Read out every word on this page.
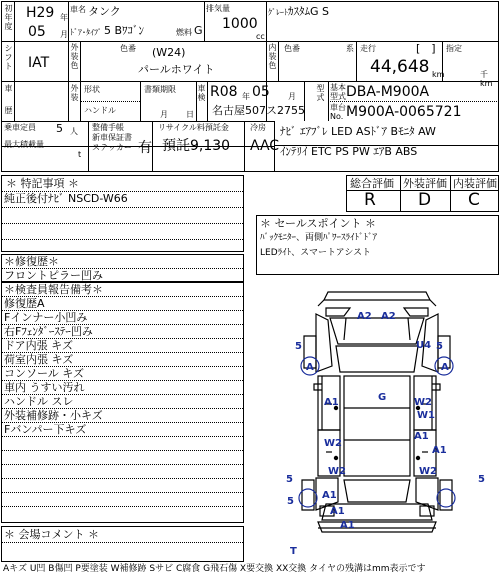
初年度
H29 年
05 月
車名 タンク
ﾄﾞｱ･ﾀｲﾌﾟ 5 Bﾜｺﾞﾝ	燃料 G
排気量
1000
cc
ｸﾞﾚｰﾄﾞ
ｶｽﾀﾑG S
シフト IAT
外装色
色番 (W24)
パールホワイト
内装色
色番	系 走行	[　]
44,648 km
指定
千km
車
歴
外装
形状
ハンドル
書類期限
月 日
車検 R08 年 05 月
名古屋507ス2755
型式
基本型式 DBA-M900A
車台No. M900A-0065721
乗車定員 5 人
最大積載量
t
整備手帳
新車保証書
ステッカー 有
リサイクル料預託金
預託9,130
冷房
AAC
ﾅﾋﾞ ｴｱﾌﾞﾚ LED ASﾄﾞｱ Bﾓﾆﾀ AW
ｲﾝﾃﾘｲ ETC PS PW ｴｱB ABS
＊ 特記事項 ＊
純正後付ﾅﾋﾞ NSCD-W66
総合評価 外装評価 内装評価
R D C
＊ セールスポイント ＊
ﾊﾞｯｸﾓﾆﾀｰ、両側ﾊﾟﾜｰｽﾗｲﾄﾞﾄﾞｱ
LEDﾗｲﾄ、スマートアシスト
＊修復歴＊
フロントピラー凹み
＊検査員報告備考＊
修復歴A
Fインナー小凹み
右Fﾌｪﾝﾀﾞｰｽﾃｰ凹み
ドア内張 キズ
荷室内張 キズ
コンソール キズ
車内 うすい汚れ
ハンドル スレ
外装補修跡・小キズ
Fバンパー下キズ
＊ 会場コメント ＊
Aキズ U凹 B傷凹 P要塗装 W補修跡 Sサビ C腐食 G飛石傷 X要交換 XX交換 タイヤの残溝はmm表示です
A2 A2
5	U4 5
A	A
G
A1	W2
W1
W2
A1
A1
W2	W2
5
A1
5
5
A1
A1
T
